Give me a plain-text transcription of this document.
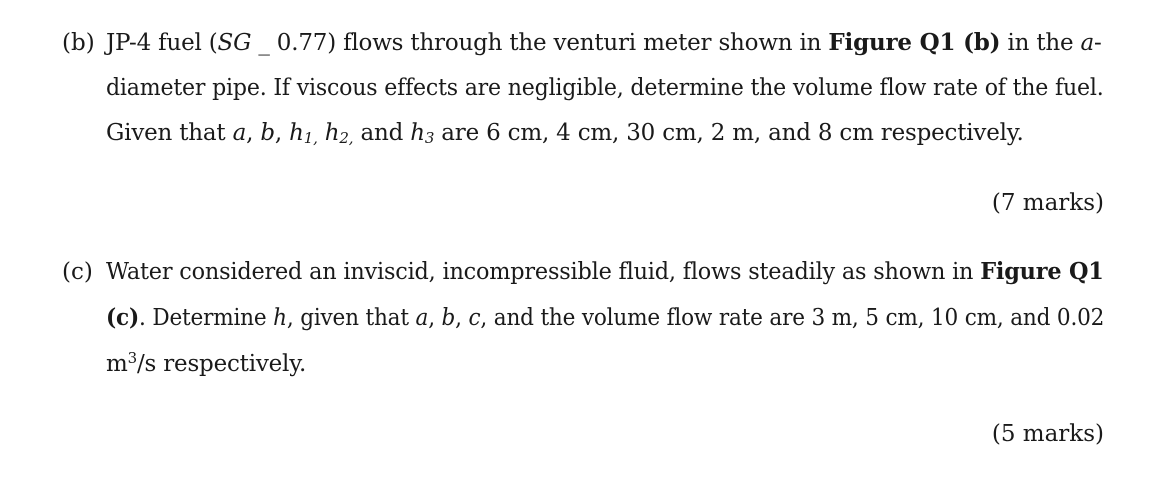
(b) JP-4 fuel (SG _ 0.77) flows through the venturi meter shown in Figure Q1 (b) in the a-
diameter pipe. If viscous effects are negligible, determine the volume flow rate of the fuel.
Given that a, b, $h_{1,}$ $h_{2,}$ and $h_3$ are 6 cm, 4 cm, 30 cm, 2 m, and 8 cm respectively.
(7 marks)
(c) Water considered an inviscid, incompressible fluid, flows steadily as shown in Figure Q1
(c). Determine h, given that a, b, c, and the volume flow rate are 3 m, 5 cm, 10 cm, and 0.02
$m^3/s$ respectively.
(5 marks)
